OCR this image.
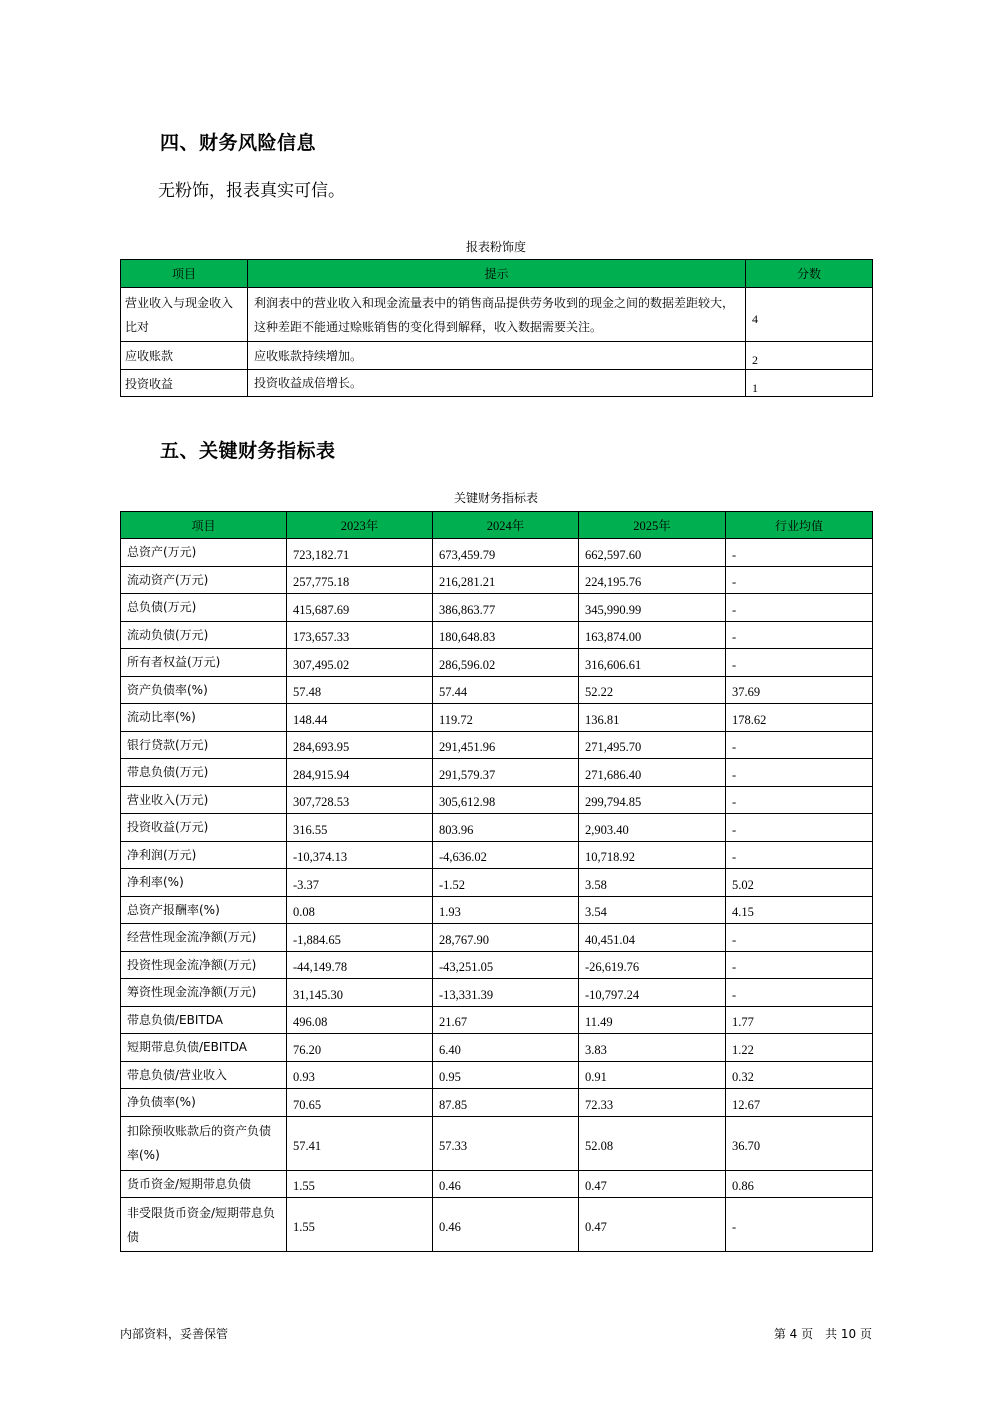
四、财务风险信息
无粉饰，报表真实可信。
报表粉饰度
项目	提示	分数
营业收入与现金收入比对	利润表中的营业收入和现金流量表中的销售商品提供劳务收到的现金之间的数据差距较大，这种差距不能通过赊账销售的变化得到解释，收入数据需要关注。	4
应收账款	应收账款持续增加。	2
投资收益	投资收益成倍增长。	1
五、关键财务指标表
关键财务指标表
项目	2023年	2024年	2025年	行业均值
总资产(万元)	723,182.71	673,459.79	662,597.60	-
流动资产(万元)	257,775.18	216,281.21	224,195.76	-
总负债(万元)	415,687.69	386,863.77	345,990.99	-
流动负债(万元)	173,657.33	180,648.83	163,874.00	-
所有者权益(万元)	307,495.02	286,596.02	316,606.61	-
资产负债率(%)	57.48	57.44	52.22	37.69
流动比率(%)	148.44	119.72	136.81	178.62
银行贷款(万元)	284,693.95	291,451.96	271,495.70	-
带息负债(万元)	284,915.94	291,579.37	271,686.40	-
营业收入(万元)	307,728.53	305,612.98	299,794.85	-
投资收益(万元)	316.55	803.96	2,903.40	-
净利润(万元)	-10,374.13	-4,636.02	10,718.92	-
净利率(%)	-3.37	-1.52	3.58	5.02
总资产报酬率(%)	0.08	1.93	3.54	4.15
经营性现金流净额(万元)	-1,884.65	28,767.90	40,451.04	-
投资性现金流净额(万元)	-44,149.78	-43,251.05	-26,619.76	-
筹资性现金流净额(万元)	31,145.30	-13,331.39	-10,797.24	-
带息负债/EBITDA	496.08	21.67	11.49	1.77
短期带息负债/EBITDA	76.20	6.40	3.83	1.22
带息负债/营业收入	0.93	0.95	0.91	0.32
净负债率(%)	70.65	87.85	72.33	12.67
扣除预收账款后的资产负债率(%)	57.41	57.33	52.08	36.70
货币资金/短期带息负债	1.55	0.46	0.47	0.86
非受限货币资金/短期带息负债	1.55	0.46	0.47	-
内部资料，妥善保管	第 4 页　共 10 页
